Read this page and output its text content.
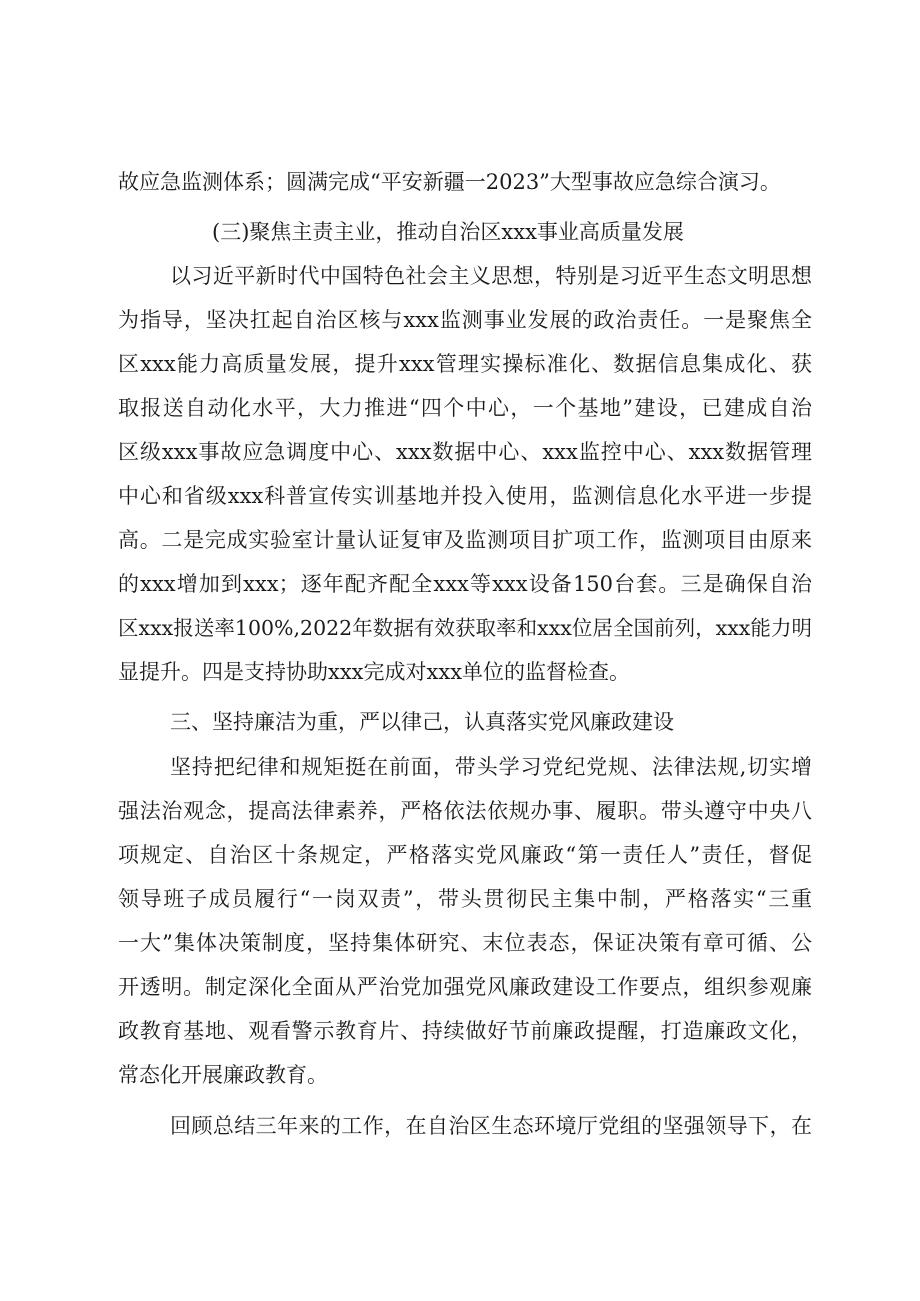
故应急监测体系；圆满完成“平安新疆一2023”大型事故应急综合演习。
(三)聚焦主责主业，推动自治区xxx事业高质量发展
以习近平新时代中国特色社会主义思想，特别是习近平生态文明思想
为指导，坚决扛起自治区核与xxx监测事业发展的政治责任。一是聚焦全
区xxx能力高质量发展，提升xxx管理实操标准化、数据信息集成化、获
取报送自动化水平，大力推进“四个中心，一个基地”建设，已建成自治
区级xxx事故应急调度中心、xxx数据中心、xxx监控中心、xxx数据管理
中心和省级xxx科普宣传实训基地并投入使用，监测信息化水平进一步提
高。二是完成实验室计量认证复审及监测项目扩项工作，监测项目由原来
的xxx增加到xxx；逐年配齐配全xxx等xxx设备150台套。三是确保自治
区xxx报送率100%,2022年数据有效获取率和xxx位居全国前列，xxx能力明
显提升。四是支持协助xxx完成对xxx单位的监督检查。
三、坚持廉洁为重，严以律己，认真落实党风廉政建设
坚持把纪律和规矩挺在前面，带头学习党纪党规、法律法规,切实增
强法治观念，提高法律素养，严格依法依规办事、履职。带头遵守中央八
项规定、自治区十条规定，严格落实党风廉政“第一责任人”责任，督促
领导班子成员履行“一岗双责”，带头贯彻民主集中制，严格落实“三重
一大”集体决策制度，坚持集体研究、末位表态，保证决策有章可循、公
开透明。制定深化全面从严治党加强党风廉政建设工作要点，组织参观廉
政教育基地、观看警示教育片、持续做好节前廉政提醒，打造廉政文化，
常态化开展廉政教育。
回顾总结三年来的工作，在自治区生态环境厅党组的坚强领导下，在
